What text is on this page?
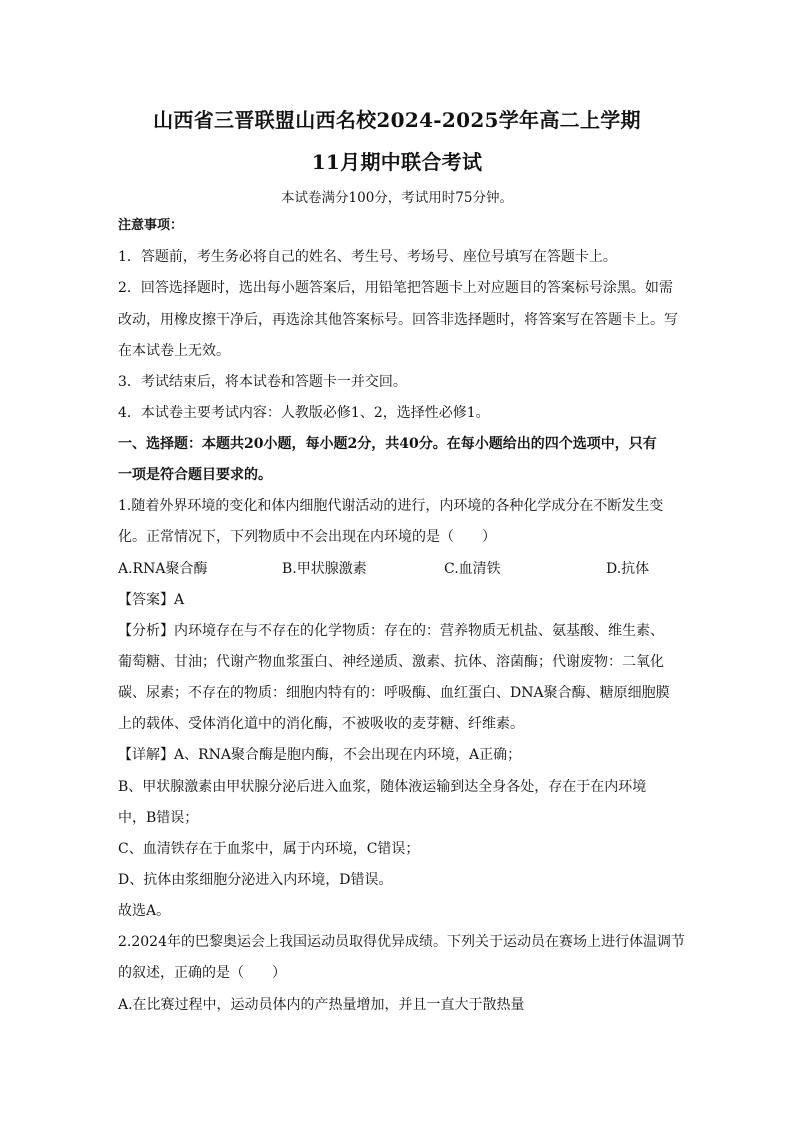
山西省三晋联盟山西名校2024-2025学年高二上学期
11月期中联合考试
本试卷满分100分，考试用时75分钟。
注意事项：
1．答题前，考生务必将自己的姓名、考生号、考场号、座位号填写在答题卡上。
2．回答选择题时，选出每小题答案后，用铅笔把答题卡上对应题目的答案标号涂黑。如需
改动，用橡皮擦干净后，再选涂其他答案标号。回答非选择题时，将答案写在答题卡上。写
在本试卷上无效。
3．考试结束后，将本试卷和答题卡一并交回。
4．本试卷主要考试内容：人教版必修1、2，选择性必修1。
一、选择题：本题共20小题，每小题2分，共40分。在每小题给出的四个选项中，只有
一项是符合题目要求的。
1.随着外界环境的变化和体内细胞代谢活动的进行，内环境的各种化学成分在不断发生变
化。正常情况下，下列物质中不会出现在内环境的是（　　）
A.RNA聚合酶	B.甲状腺激素	C.血清铁	D.抗体
【答案】A
【分析】内环境存在与不存在的化学物质：存在的：营养物质无机盐、氨基酸、维生素、
葡萄糖、甘油；代谢产物血浆蛋白、神经递质、激素、抗体、溶菌酶；代谢废物：二氧化
碳、尿素；不存在的物质：细胞内特有的：呼吸酶、血红蛋白、DNA聚合酶、糖原细胞膜
上的载体、受体消化道中的消化酶，不被吸收的麦芽糖、纤维素。
【详解】A、RNA聚合酶是胞内酶，不会出现在内环境，A正确；
B、甲状腺激素由甲状腺分泌后进入血浆，随体液运输到达全身各处，存在于在内环境
中，B错误；
C、血清铁存在于血浆中，属于内环境，C错误；
D、抗体由浆细胞分泌进入内环境，D错误。
故选A。
2.2024年的巴黎奥运会上我国运动员取得优异成绩。下列关于运动员在赛场上进行体温调节
的叙述，正确的是（　　）
A.在比赛过程中，运动员体内的产热量增加，并且一直大于散热量
